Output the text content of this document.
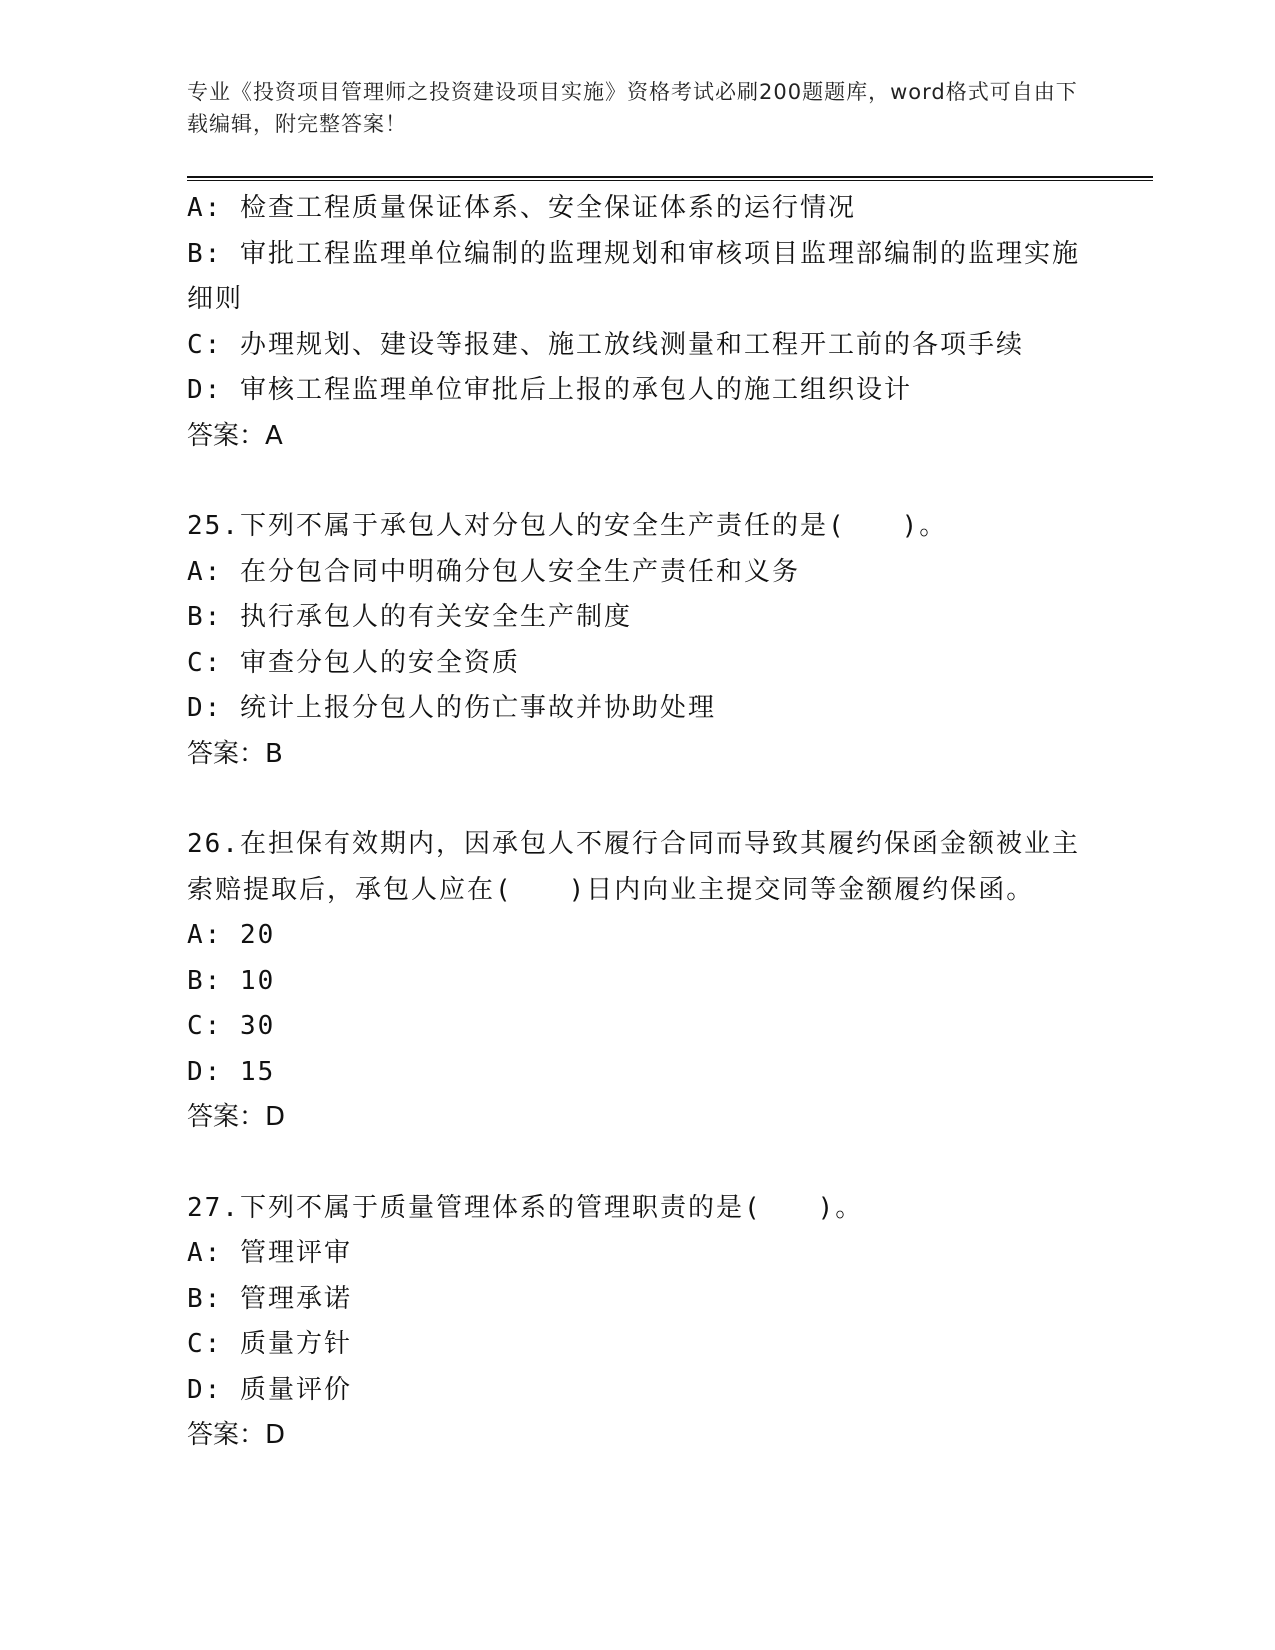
专业《投资项目管理师之投资建设项目实施》资格考试必刷200题题库，word格式可自由下载编辑，附完整答案！

A: 检查工程质量保证体系、安全保证体系的运行情况

B: 审批工程监理单位编制的监理规划和审核项目监理部编制的监理实施细则

C: 办理规划、建设等报建、施工放线测量和工程开工前的各项手续

D: 审核工程监理单位审批后上报的承包人的施工组织设计

答案：A

25.下列不属于承包人对分包人的安全生产责任的是(　　)。

A: 在分包合同中明确分包人安全生产责任和义务

B: 执行承包人的有关安全生产制度

C: 审查分包人的安全资质

D: 统计上报分包人的伤亡事故并协助处理

答案：B

26.在担保有效期内，因承包人不履行合同而导致其履约保函金额被业主索赔提取后，承包人应在(　　)日内向业主提交同等金额履约保函。

A: 20

B: 10

C: 30

D: 15

答案：D

27.下列不属于质量管理体系的管理职责的是(　　)。

A: 管理评审

B: 管理承诺

C: 质量方针

D: 质量评价

答案：D
